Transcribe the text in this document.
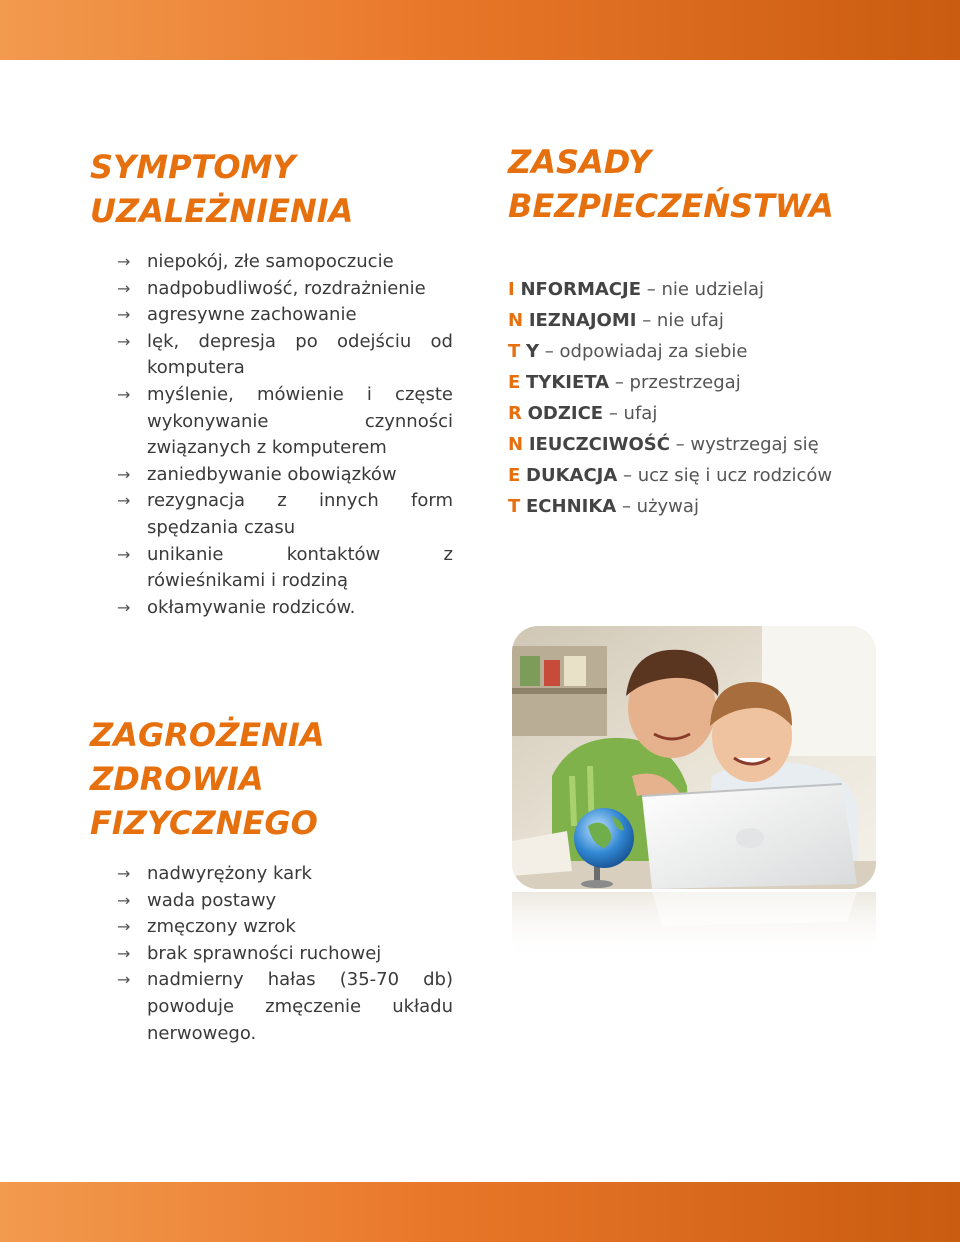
SYMPTOMY
UZALEŻNIENIA
→ niepokój, złe samopoczucie
→ nadpobudliwość, rozdrażnienie
→ agresywne zachowanie
→ lęk, depresja po odejściu od komputera
→ myślenie, mówienie i częste wykonywanie czynności związanych z komputerem
→ zaniedbywanie obowiązków
→ rezygnacja z innych form spędzania czasu
→ unikanie kontaktów z rówieśnikami i rodziną
→ okłamywanie rodziców.
ZASADY
BEZPIECZEŃSTWA
I NFORMACJE – nie udzielaj
N IEZNAJOMI – nie ufaj
T Y – odpowiadaj za siebie
E TYKIETA – przestrzegaj
R ODZICE – ufaj
N IEUCZCIWOŚĆ – wystrzegaj się
E DUKACJA – ucz się i ucz rodziców
T ECHNIKA – używaj
ZAGROŻENIA
ZDROWIA
FIZYCZNEGO
→ nadwyrężony kark
→ wada postawy
→ zmęczony wzrok
→ brak sprawności ruchowej
→ nadmierny hałas (35-70 db) powoduje zmęczenie układu nerwowego.
